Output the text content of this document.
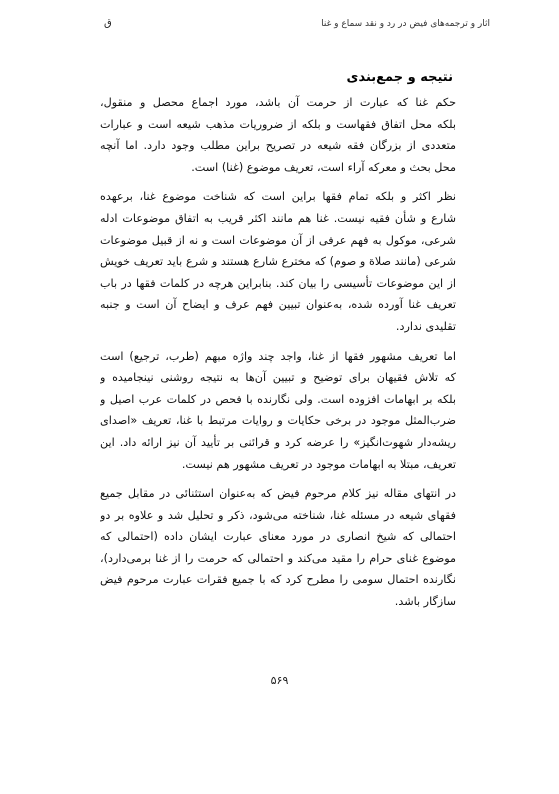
ق	آثار و ترجمه‌های فیض در رد و نقد سماع و غنا
نتیجه و جمع‌بندی
حکم غنا که عبارت از حرمت آن باشد، مورد اجماع محصل و منقول،
بلکه محل اتفاق فقهاست و بلکه از ضروریات مذهب شیعه است و عبارات
متعددی از بزرگان فقه شیعه در تصریح براین مطلب وجود دارد. اما آنچه
محل بحث و معرکه آراء است، تعریف موضوع (غنا) است.
نظر اکثر و بلکه تمام فقها براین است که شناخت موضوع غنا، برعهده
شارع و شأن فقیه نیست. غنا هم مانند اکثر قریب به اتفاق موضوعات ادله
شرعی، موکول به فهم عرفی از آن موضوعات است و نه از قبیل موضوعات
شرعی (مانند صلاة و صوم) که مخترع شارع هستند و شرع باید تعریف خویش
از این موضوعات تأسیسی را بیان کند. بنابراین هرچه در کلمات فقها در باب
تعریف غنا آورده شده، به‌عنوان تبیین فهم عرف و ایضاح آن است و جنبه
تقلیدی ندارد.
اما تعریف مشهور فقها از غنا، واجد چند واژه مبهم (طرب، ترجیع) است
که تلاش فقیهان برای توضیح و تبیین آن‌ها به نتیجه روشنی نینجامیده و
بلکه بر ابهامات افزوده است. ولی نگارنده با فحص در کلمات عرب اصیل و
ضرب‌المثل موجود در برخی حکایات و روایات مرتبط با غنا، تعریف «اصدای
ریشه‌دار شهوت‌انگیز» را عرضه کرد و قرائنی بر تأیید آن نیز ارائه داد. این
تعریف، مبتلا به ابهامات موجود در تعریف مشهور هم نیست.
در انتهای مقاله نیز کلام مرحوم فیض که به‌عنوان استثنائی در مقابل جمیع
فقهای شیعه در مسئله غنا، شناخته می‌شود، ذکر و تحلیل شد و علاوه بر دو
احتمالی که شیخ انصاری در مورد معنای عبارت ایشان داده (احتمالی که
موضوع غنای حرام را مقید می‌کند و احتمالی که حرمت را از غنا برمی‌دارد)،
نگارنده احتمال سومی را مطرح کرد که با جمیع فقرات عبارت مرحوم فیض
سازگار باشد.
۵۶۹
